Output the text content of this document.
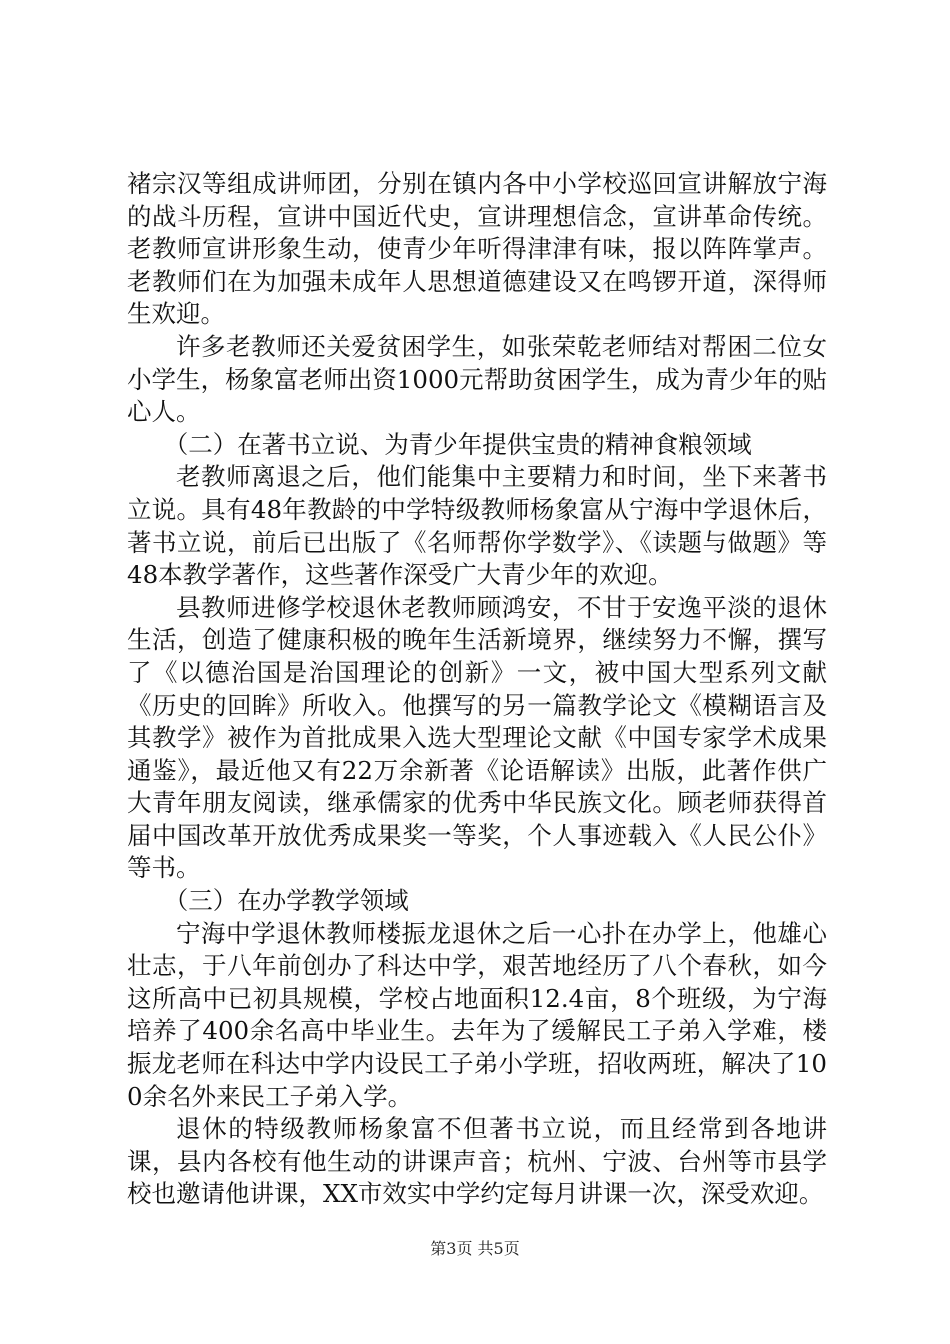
褚宗汉等组成讲师团，分别在镇内各中小学校巡回宣讲解放宁海的战斗历程，宣讲中国近代史，宣讲理想信念，宣讲革命传统。老教师宣讲形象生动，使青少年听得津津有味，报以阵阵掌声。老教师们在为加强未成年人思想道德建设又在鸣锣开道，深得师生欢迎。

许多老教师还关爱贫困学生，如张荣乾老师结对帮困二位女小学生，杨象富老师出资1000元帮助贫困学生，成为青少年的贴心人。

（二）在著书立说、为青少年提供宝贵的精神食粮领域

老教师离退之后，他们能集中主要精力和时间，坐下来著书立说。具有48年教龄的中学特级教师杨象富从宁海中学退休后，著书立说，前后已出版了《名师帮你学数学》、《读题与做题》等48本教学著作，这些著作深受广大青少年的欢迎。

县教师进修学校退休老教师顾鸿安，不甘于安逸平淡的退休生活，创造了健康积极的晚年生活新境界，继续努力不懈，撰写了《以德治国是治国理论的创新》一文，被中国大型系列文献《历史的回眸》所收入。他撰写的另一篇教学论文《模糊语言及其教学》被作为首批成果入选大型理论文献《中国专家学术成果通鉴》，最近他又有22万余新著《论语解读》出版，此著作供广大青年朋友阅读，继承儒家的优秀中华民族文化。顾老师获得首届中国改革开放优秀成果奖一等奖，个人事迹载入《人民公仆》等书。

（三）在办学教学领域

宁海中学退休教师楼振龙退休之后一心扑在办学上，他雄心壮志，于八年前创办了科达中学，艰苦地经历了八个春秋，如今这所高中已初具规模，学校占地面积12.4亩，8个班级，为宁海培养了400余名高中毕业生。去年为了缓解民工子弟入学难，楼振龙老师在科达中学内设民工子弟小学班，招收两班，解决了100余名外来民工子弟入学。

退休的特级教师杨象富不但著书立说，而且经常到各地讲课，县内各校有他生动的讲课声音；杭州、宁波、台州等市县学校也邀请他讲课，XX市效实中学约定每月讲课一次，深受欢迎。

第3页 共5页
